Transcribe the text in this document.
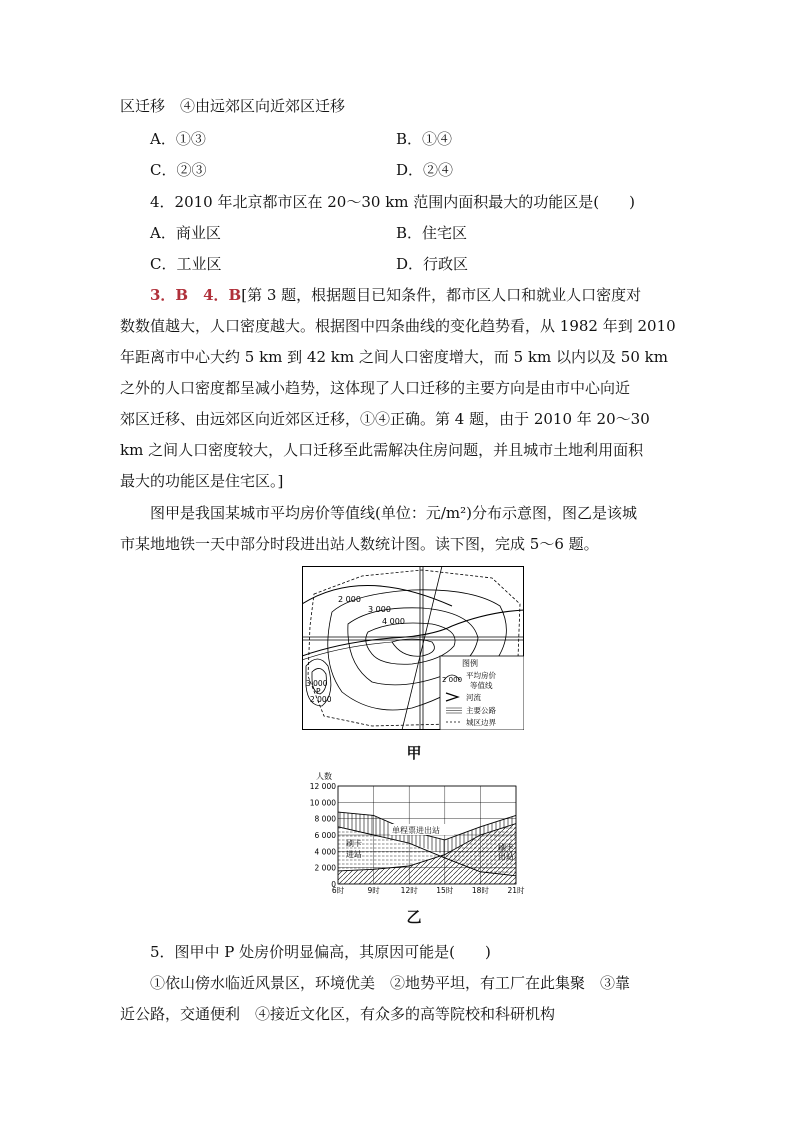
区迁移　④由远郊区向近郊区迁移
A．①③	B．①④
C．②③	D．②④
4．2010 年北京都市区在 20～30 km 范围内面积最大的功能区是(　　)
A．商业区	B．住宅区
C．工业区	D．行政区
3．B　4．B[第 3 题，根据题目已知条件，都市区人口和就业人口密度对
数数值越大，人口密度越大。根据图中四条曲线的变化趋势看，从 1982 年到 2010
年距离市中心大约 5 km 到 42 km 之间人口密度增大，而 5 km 以内以及 50 km
之外的人口密度都呈减小趋势，这体现了人口迁移的主要方向是由市中心向近
郊区迁移、由远郊区向近郊区迁移，①④正确。第 4 题，由于 2010 年 20～30
km 之间人口密度较大，人口迁移至此需解决住房问题，并且城市土地利用面积
最大的功能区是住宅区。]
图甲是我国某城市平均房价等值线(单位：元/m²)分布示意图，图乙是该城
市某地地铁一天中部分时段进出站人数统计图。读下图，完成 5～6 题。
2 000
3 000
4 000
3 000
P
2 000
图例
2 000 平均房价
等值线
河流
主要公路
城区边界
甲
人数
12 000
10 000
8 000
6 000
4 000
2 000
0
6时	9时	12时 15时 18时 21时
刷卡
进站
刷卡
出站
单程票进出站
乙
5．图甲中 P 处房价明显偏高，其原因可能是(　　)
①依山傍水临近风景区，环境优美　②地势平坦，有工厂在此集聚　③靠
近公路，交通便利　④接近文化区，有众多的高等院校和科研机构
